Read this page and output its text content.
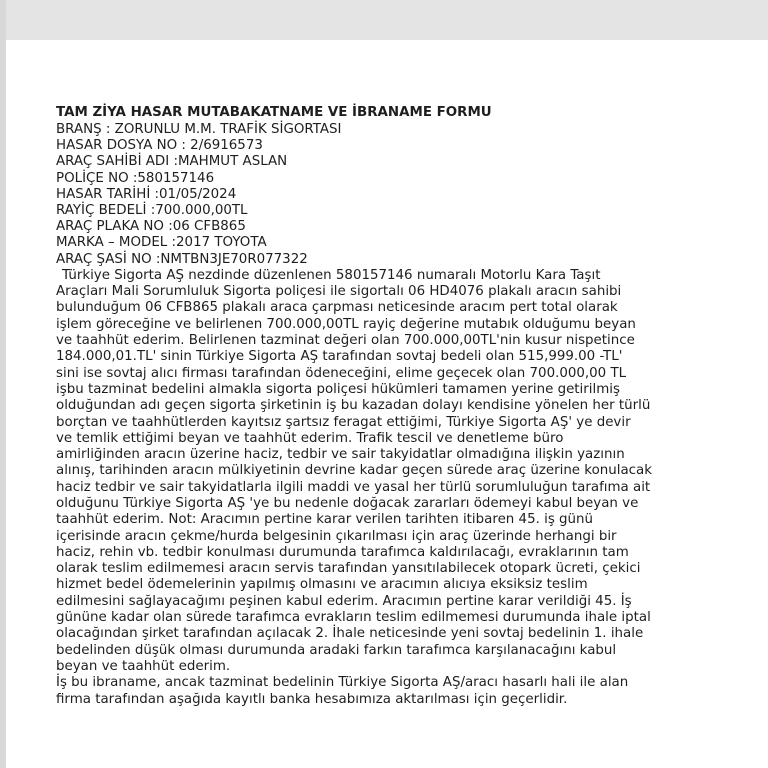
TAM ZİYA HASAR MUTABAKATNAME VE İBRANAME FORMU
BRANŞ : ZORUNLU M.M. TRAFİK SİGORTASI
HASAR DOSYA NO : 2/6916573
ARAÇ SAHİBİ ADI :MAHMUT ASLAN
POLİÇE NO :580157146
HASAR TARİHİ :01/05/2024
RAYİÇ BEDELİ :700.000,00TL
ARAÇ PLAKA NO :06 CFB865
MARKA – MODEL :2017 TOYOTA
ARAÇ ŞASİ NO :NMTBN3JE70R077322
Türkiye Sigorta AŞ nezdinde düzenlenen 580157146 numaralı Motorlu Kara Taşıt
Araçları Mali Sorumluluk Sigorta poliçesi ile sigortalı 06 HD4076 plakalı aracın sahibi
bulunduğum 06 CFB865 plakalı araca çarpması neticesinde aracım pert total olarak
işlem göreceğine ve belirlenen 700.000,00TL rayiç değerine mutabık olduğumu beyan
ve taahhüt ederim. Belirlenen tazminat değeri olan 700.000,00TL'nin kusur nispetince
184.000,01.TL' sinin Türkiye Sigorta AŞ tarafından sovtaj bedeli olan 515,999.00 -TL'
sini ise sovtaj alıcı firması tarafından ödeneceğini, elime geçecek olan 700.000,00 TL
işbu tazminat bedelini almakla sigorta poliçesi hükümleri tamamen yerine getirilmiş
olduğundan adı geçen sigorta şirketinin iş bu kazadan dolayı kendisine yönelen her türlü
borçtan ve taahhütlerden kayıtsız şartsız feragat ettiğimi, Türkiye Sigorta AŞ' ye devir
ve temlik ettiğimi beyan ve taahhüt ederim. Trafik tescil ve denetleme büro
amirliğinden aracın üzerine haciz, tedbir ve sair takyidatlar olmadığına ilişkin yazının
alınış, tarihinden aracın mülkiyetinin devrine kadar geçen sürede araç üzerine konulacak
haciz tedbir ve sair takyidatlarla ilgili maddi ve yasal her türlü sorumluluğun tarafıma ait
olduğunu Türkiye Sigorta AŞ 'ye bu nedenle doğacak zararları ödemeyi kabul beyan ve
taahhüt ederim. Not: Aracımın pertine karar verilen tarihten itibaren 45. iş günü
içerisinde aracın çekme/hurda belgesinin çıkarılması için araç üzerinde herhangi bir
haciz, rehin vb. tedbir konulması durumunda tarafımca kaldırılacağı, evraklarının tam
olarak teslim edilmemesi aracın servis tarafından yansıtılabilecek otopark ücreti, çekici
hizmet bedel ödemelerinin yapılmış olmasını ve aracımın alıcıya eksiksiz teslim
edilmesini sağlayacağımı peşinen kabul ederim. Aracımın pertine karar verildiği 45. İş
gününe kadar olan sürede tarafımca evrakların teslim edilmemesi durumunda ihale iptal
olacağından şirket tarafından açılacak 2. İhale neticesinde yeni sovtaj bedelinin 1. ihale
bedelinden düşük olması durumunda aradaki farkın tarafımca karşılanacağını kabul
beyan ve taahhüt ederim.
İş bu ibraname, ancak tazminat bedelinin Türkiye Sigorta AŞ/aracı hasarlı hali ile alan
firma tarafından aşağıda kayıtlı banka hesabımıza aktarılması için geçerlidir.
